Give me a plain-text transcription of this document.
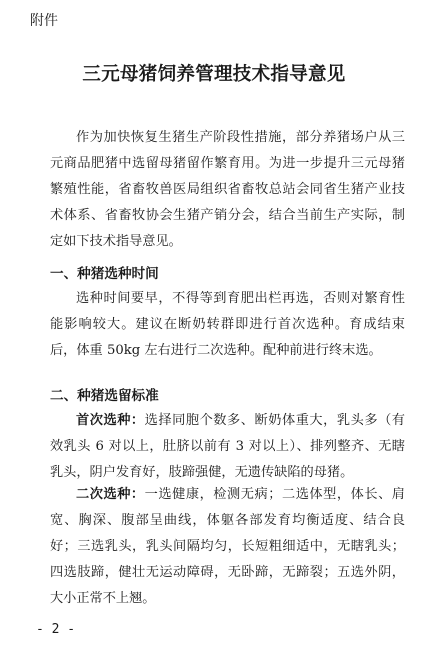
附件
三元母猪饲养管理技术指导意见
作为加快恢复生猪生产阶段性措施，部分养猪场户从三元商品肥猪中选留母猪留作繁育用。为进一步提升三元母猪繁殖性能，省畜牧兽医局组织省畜牧总站会同省生猪产业技术体系、省畜牧协会生猪产销分会，结合当前生产实际，制定如下技术指导意见。
一、种猪选种时间
选种时间要早，不得等到育肥出栏再选，否则对繁育性能影响较大。建议在断奶转群即进行首次选种。育成结束后，体重 50kg 左右进行二次选种。配种前进行终末选。
二、种猪选留标准
首次选种：选择同胞个数多、断奶体重大，乳头多（有效乳头 6 对以上，肚脐以前有 3 对以上）、排列整齐、无瞎乳头，阴户发育好，肢蹄强健，无遗传缺陷的母猪。
二次选种：一选健康，检测无病；二选体型，体长、肩宽、胸深、腹部呈曲线，体躯各部发育均衡适度、结合良好；三选乳头，乳头间隔均匀，长短粗细适中，无瞎乳头；四选肢蹄，健壮无运动障碍，无卧蹄，无蹄裂；五选外阴，大小正常不上翘。
- 2 -
